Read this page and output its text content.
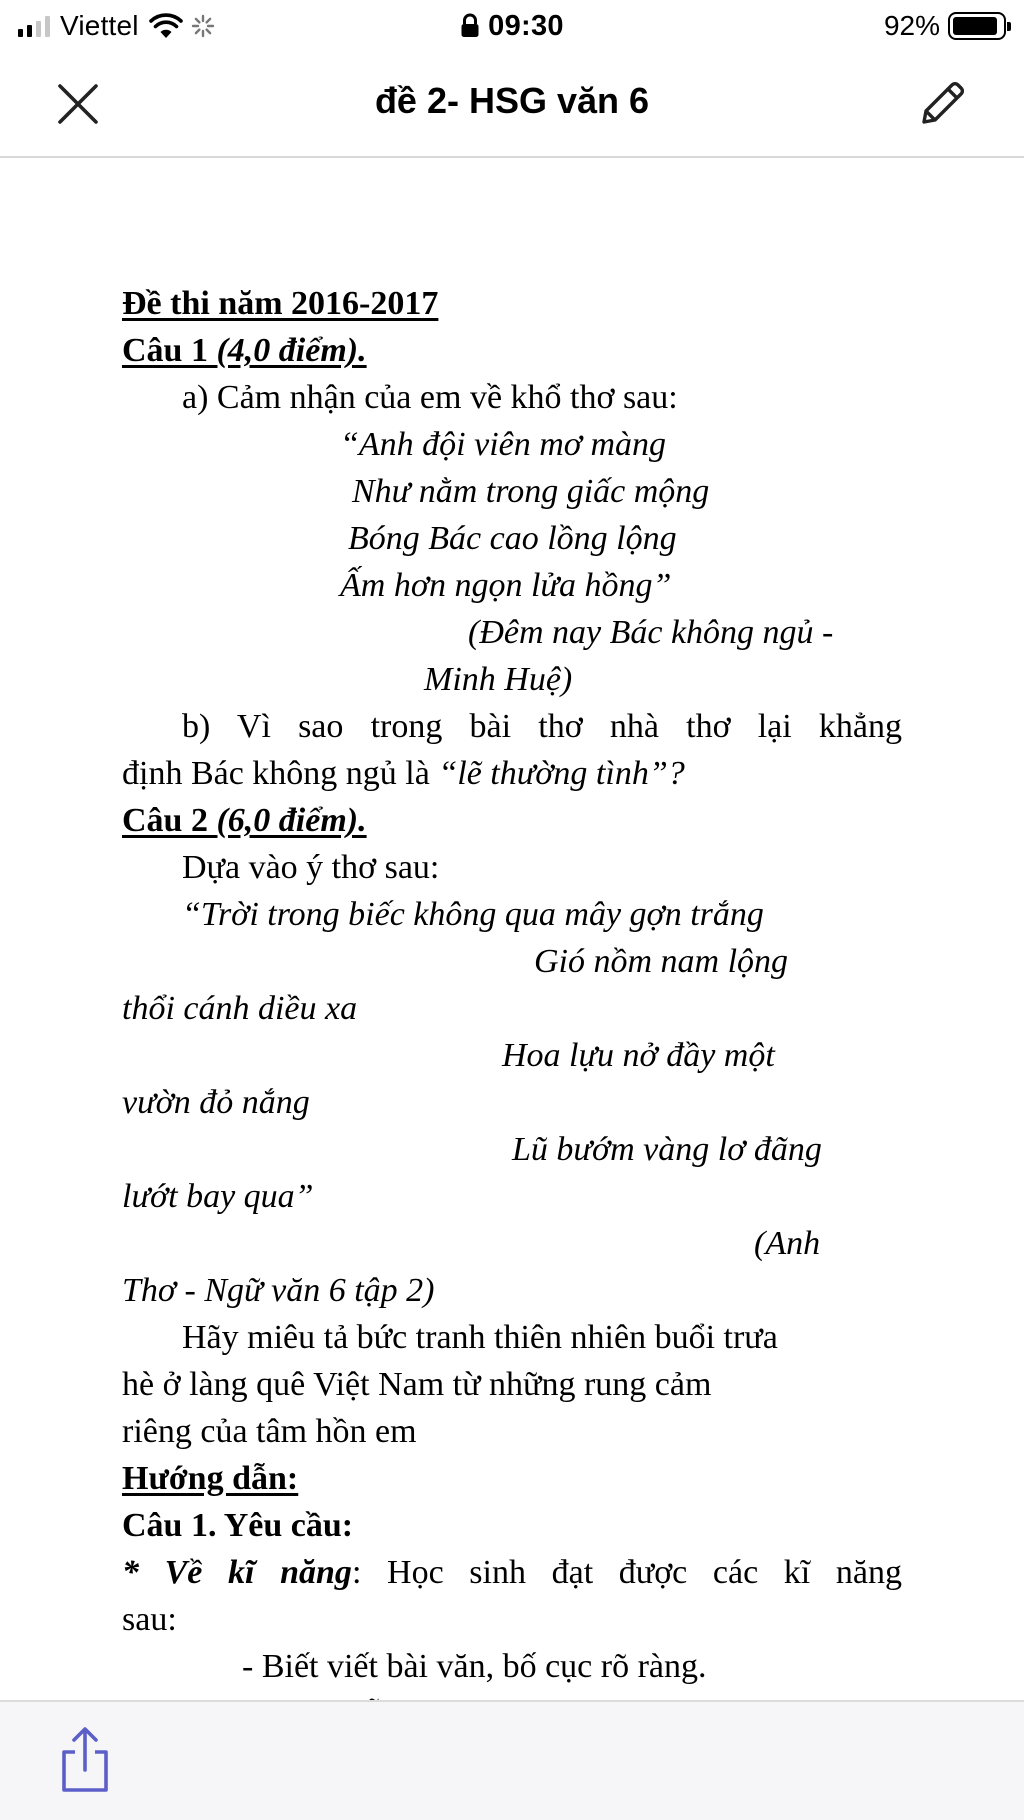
Viettel	09:30	92%
đề 2- HSG văn 6
Đề thi năm 2016-2017
Câu 1 (4,0 điểm).
a) Cảm nhận của em về khổ thơ sau:
“Anh đội viên mơ màng
Như nằm trong giấc mộng
Bóng Bác cao lồng lộng
Ấm hơn ngọn lửa hồng”
(Đêm nay Bác không ngủ -
Minh Huệ)
b) Vì sao trong bài thơ nhà thơ lại khẳng
định Bác không ngủ là “lẽ thường tình”?
Câu 2 (6,0 điểm).
Dựa vào ý thơ sau:
“Trời trong biếc không qua mây gợn trắng
Gió nồm nam lộng
thổi cánh diều xa
Hoa lựu nở đầy một
vườn đỏ nắng
Lũ bướm vàng lơ đãng
lướt bay qua”
(Anh
Thơ - Ngữ văn 6 tập 2)
Hãy miêu tả bức tranh thiên nhiên buổi trưa
hè ở làng quê Việt Nam từ những rung cảm
riêng của tâm hồn em
Hướng dẫn:
Câu 1. Yêu cầu:
* Về kĩ năng: Học sinh đạt được các kĩ năng
sau:
- Biết viết bài văn, bố cục rõ ràng.
